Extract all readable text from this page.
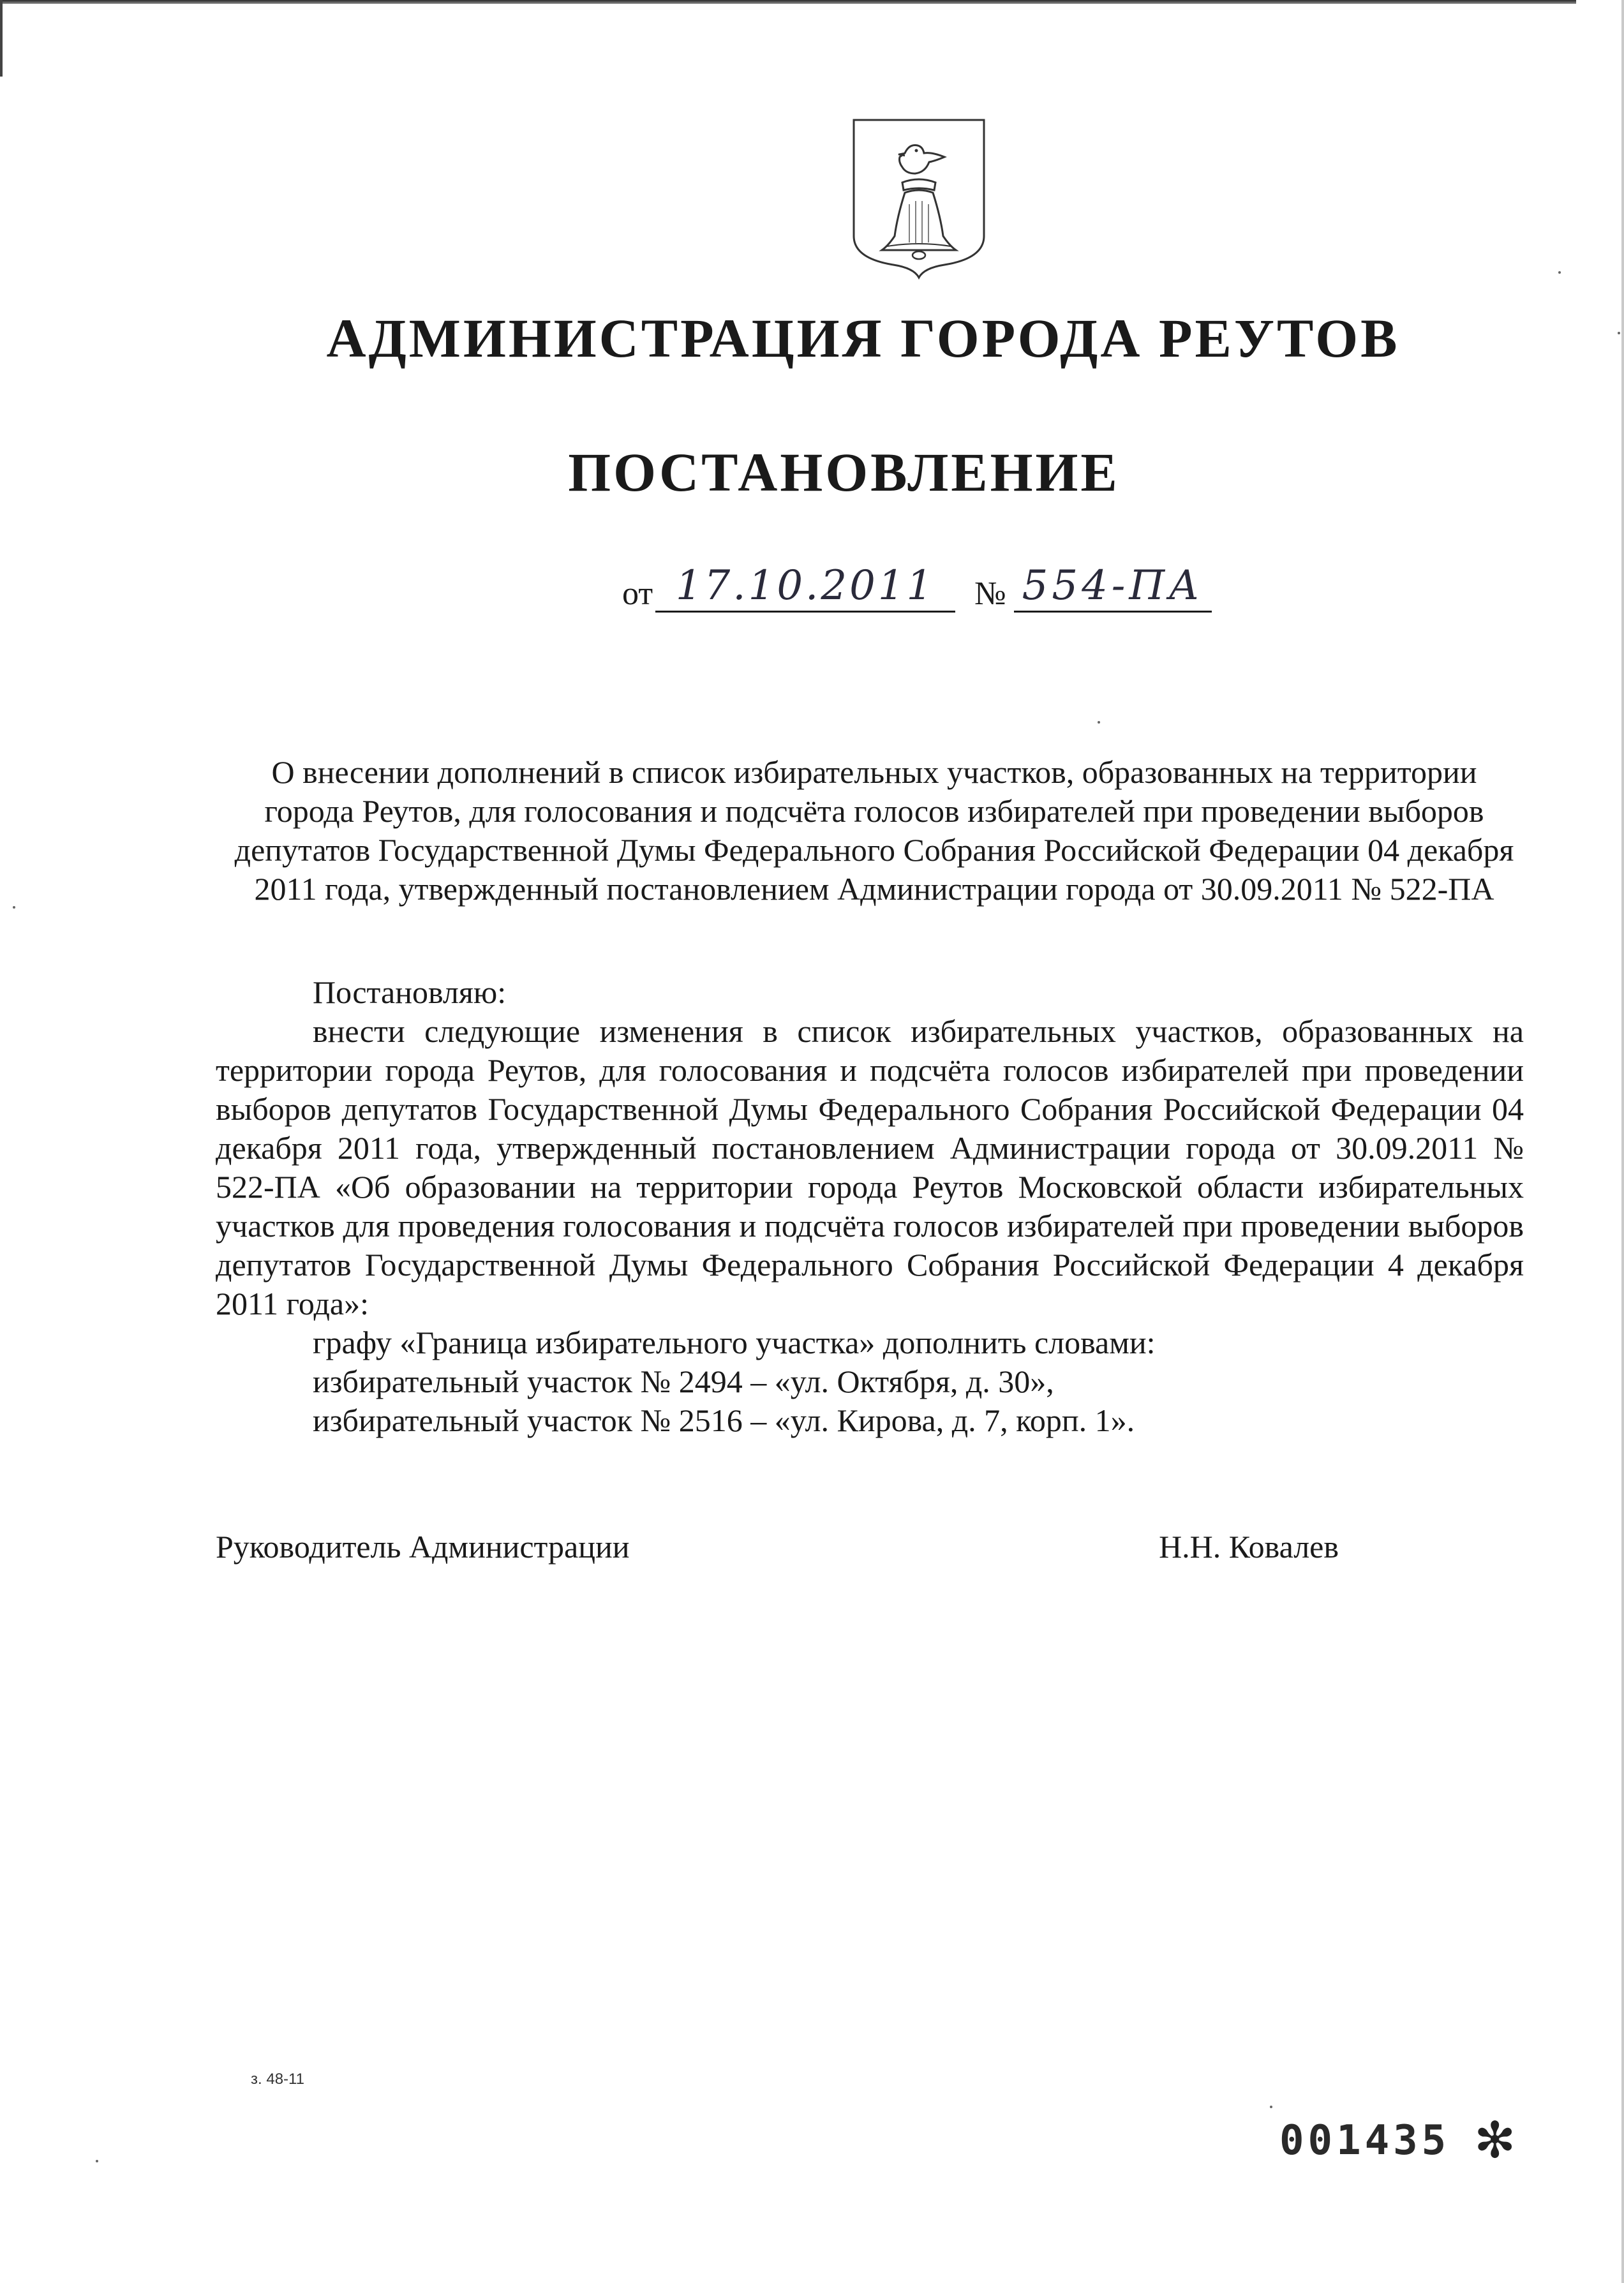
АДМИНИСТРАЦИЯ ГОРОДА РЕУТОВ
ПОСТАНОВЛЕНИЕ
от 17.10.2011	№ 554-ПА
О внесении дополнений в список избирательных участков, образованных на территории
города Реутов, для голосования и подсчёта голосов избирателей при проведении выборов
депутатов Государственной Думы Федерального Собрания Российской Федерации 04 декабря
2011 года, утвержденный постановлением Администрации города от 30.09.2011 № 522-ПА

Постановляю:

внести следующие изменения в список избирательных участков, образованных на территории города Реутов, для голосования и подсчёта голосов избирателей при проведении выборов депутатов Государственной Думы Федерального Собрания Российской Федерации 04 декабря 2011 года, утвержденный постановлением Администрации города от 30.09.2011 № 522-ПА «Об образовании на территории города Реутов Московской области избирательных участков для проведения голосования и подсчёта голосов избирателей при проведении выборов депутатов Государственной Думы Федерального Собрания Российской Федерации 4 декабря 2011 года»:

графу «Граница избирательного участка» дополнить словами:

избирательный участок № 2494 – «ул. Октября, д. 30»,

избирательный участок № 2516 – «ул. Кирова, д. 7, корп. 1».

Руководитель Администрации	Н.Н. Ковалев
з. 48-11
001435 ✻
